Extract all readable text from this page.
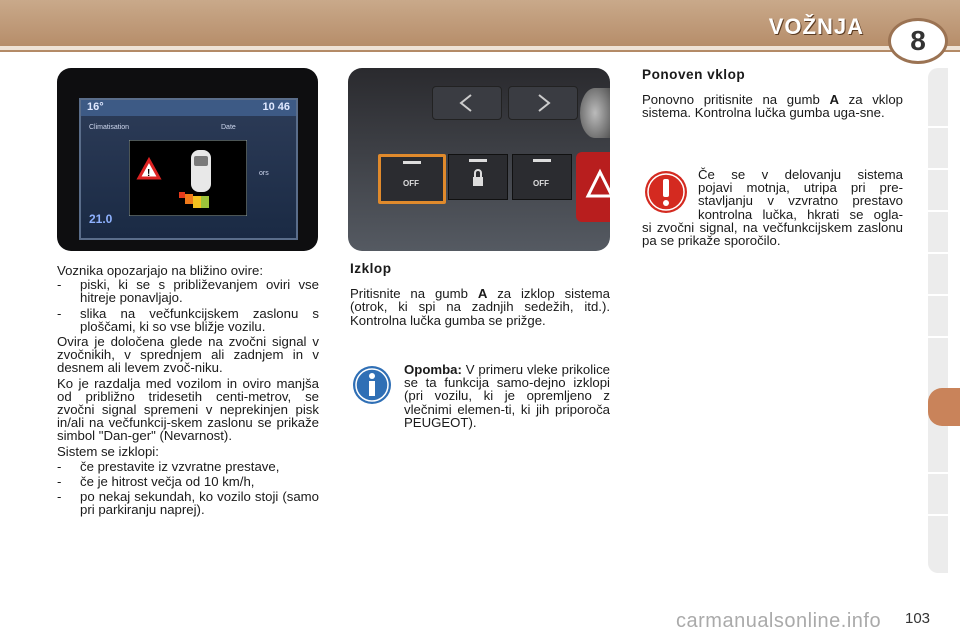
VOŽNJA	8
16°	10 46
Climatisation	Date
ors
21.0
!
OFF	OFF

Voznika opozarjajo na bližino ovire:

- piski, ki se s približevanjem oviri vse hitreje ponavljajo.

- slika na večfunkcijskem zaslonu s ploščami, ki so vse bližje vozilu.

Ovira je določena glede na zvočni signal v zvočnikih, v sprednjem ali zadnjem in v desnem ali levem zvoč-niku.

Ko je razdalja med vozilom in oviro manjša od približno tridesetih centi-metrov, se zvočni signal spremeni v neprekinjen pisk in/ali na večfunkcij-skem zaslonu se prikaže simbol "Dan-ger" (Nevarnost).

Sistem se izklopi:

- če prestavite iz vzvratne prestave,

- če je hitrost večja od 10 km/h,

- po nekaj sekundah, ko vozilo stoji (samo pri parkiranju naprej).

Izklop

Pritisnite na gumb A za izklop sistema (otrok, ki spi na zadnjih sedežih, itd.). Kontrolna lučka gumba se prižge.

Opomba: V primeru vleke prikolice se ta funkcija samo-dejno izklopi (pri vozilu, ki je opremljeno z vlečnimi elemen-ti, ki jih priporoča PEUGEOT).

Ponoven vklop

Ponovno pritisnite na gumb A za vklop sistema. Kontrolna lučka gumba uga-sne.

Če se v delovanju sistema

pojavi motnja, utripa pri pre-

stavljanju v vzvratno prestavo

kontrolna lučka, hkrati se ogla-

si zvočni signal, na večfunkcijskem zaslonu pa se prikaže sporočilo.
carmanualsonline.info 103
